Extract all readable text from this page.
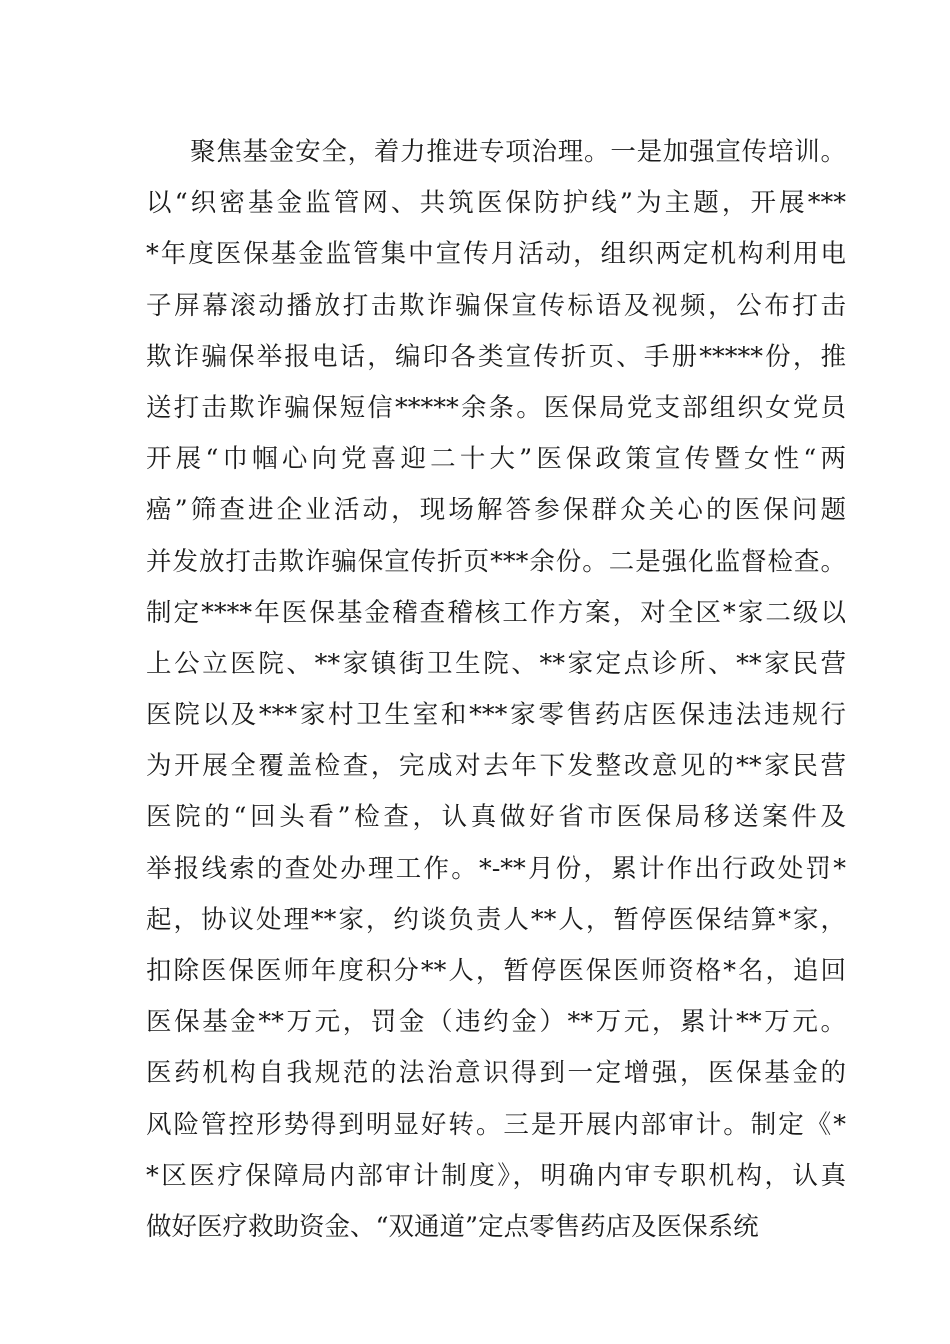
聚焦基金安全，着力推进专项治理。一是加强宣传培训。
以“织密基金监管网、共筑医保防护线”为主题，开展***
*年度医保基金监管集中宣传月活动，组织两定机构利用电
子屏幕滚动播放打击欺诈骗保宣传标语及视频，公布打击
欺诈骗保举报电话，编印各类宣传折页、手册*****份，推
送打击欺诈骗保短信*****余条。医保局党支部组织女党员
开展“巾帼心向党喜迎二十大”医保政策宣传暨女性“两
癌”筛查进企业活动，现场解答参保群众关心的医保问题
并发放打击欺诈骗保宣传折页***余份。二是强化监督检查。
制定****年医保基金稽查稽核工作方案，对全区*家二级以
上公立医院、**家镇街卫生院、**家定点诊所、**家民营
医院以及***家村卫生室和***家零售药店医保违法违规行
为开展全覆盖检查，完成对去年下发整改意见的**家民营
医院的“回头看”检查，认真做好省市医保局移送案件及
举报线索的查处办理工作。*-**月份，累计作出行政处罚*
起，协议处理**家，约谈负责人**人，暂停医保结算*家，
扣除医保医师年度积分**人，暂停医保医师资格*名，追回
医保基金**万元，罚金（违约金）**万元，累计**万元。
医药机构自我规范的法治意识得到一定增强，医保基金的
风险管控形势得到明显好转。三是开展内部审计。制定《*
*区医疗保障局内部审计制度》，明确内审专职机构，认真
做好医疗救助资金、“双通道”定点零售药店及医保系统
